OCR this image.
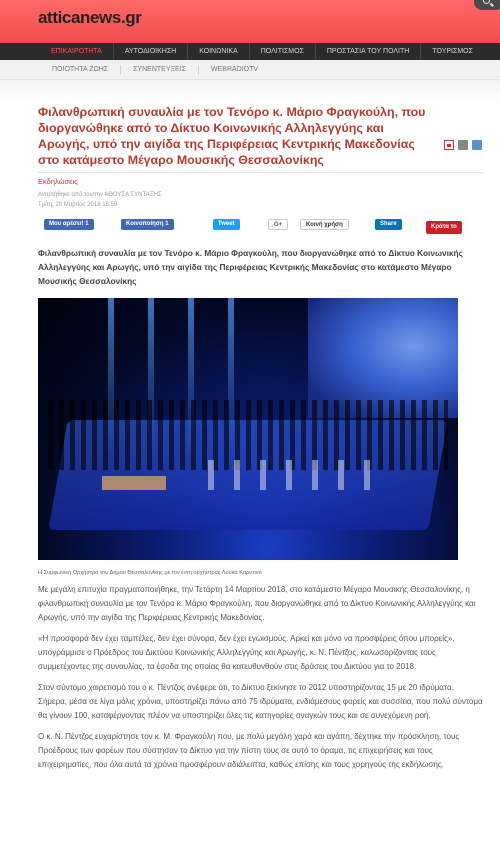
atticanews.gr
ΕΠΙΚΑΙΡΟΤΗΤΑ	ΑΥΤΟΔΙΟΙΚΗΣΗ	ΚΟΙΝΩΝΙΚΑ	ΠΟΛΙΤΙΣΜΟΣ	ΠΡΟΣΤΑΣΙΑ ΤΟΥ ΠΟΛΙΤΗ	ΤΟΥΡΙΣΜΟΣ
ΠΟΙΟΤΗΤΑ ΖΩΗΣ	ΣΥΝΕΝΤΕΥΞΕΙΣ	WEBRADIOTV
Φιλανθρωπική συναυλία με τον Τενόρο κ. Μάριο Φραγκούλη, που διοργανώθηκε από το Δίκτυο Κοινωνικής Αλληλεγγύης και Αρωγής, υπό την αιγίδα της Περιφέρειας Κεντρικής Μακεδονίας στο κατάμεστο Μέγαρο Μουσικής Θεσσαλονίκης
Εκδηλώσεις
Αναρτήθηκε από τον/την ΑΘΟΥΣΑ ΣΥΝΤΑΞΗΣ
Τρίτη, 20 Μαρτίος 2018 18:59
Μου αρέσει! 1	Κοινοποίηση 1	Tweet	G+	Κοινή χρήση	Share	Κράτα το

Φιλανθρωπική συναυλία με τον Τενόρο κ. Μάριο Φραγκούλη, που διοργανώθηκε από το Δίκτυο Κοινωνικής Αλληλεγγύης και Αρωγής, υπό την αιγίδα της Περιφέρειας Κεντρικής Μακεδονίας στο κατάμεστο Μέγαρο Μουσικής Θεσσαλονίκης

Η Συμφωνική Ορχήστρα του Δήμου Θεσσαλονίκης με τον έντη ορχήστρας Λουκά Καρυτινό

Με μεγάλη επιτυχία πραγματοποιήθηκε, την Τετάρτη 14 Μαρτίου 2018, στο κατάμεστο Μέγαρο Μουσικής Θεσσαλονίκης, η φιλανθρωπική συναυλία με τον Τενόρο κ. Μάριο Φραγκούλη, που διοργανώθηκε από το Δίκτυο Κοινωνικής Αλληλεγγύης και Αρωγής, υπό την αιγίδα της Περιφέρειας Κεντρικής Μακεδονίας.

«Η προσφορά δεν έχει ταμπέλες, δεν έχει σύνορα, δεν έχει εγωισμούς. Αρκεί και μόνο να προσφέρεις όπου μπορείς», υπογράμμισε ο Πρόεδρος του Δικτύου Κοινωνικής Αλληλεγγύης και Αρωγής, κ. Ν. Πέντζος, καλωσορίζοντας τους συμμετέχοντες της συναυλίας, τα έσοδα της οποίας θα κατευθυνθούν στις δράσεις του Δικτύου για το 2018.

Στον σύντομο χαιρετισμό του ο κ. Πέντζος ανέφερε ότι, το Δίκτυο ξεκίνησε το 2012 υποστηρίζοντας 15 με 20 ιδρύματα. Σήμερα, μέσα σε λίγα μόλις χρόνια, υποστηρίζει πάνω από 75 ιδρύματα, ενδιάμεσους φορείς και συσσίτια, που πολύ σύντομα θα γίνουν 100, καταφέρνοντας πλέον να υποστηρίζει όλες τις κατηγορίες αναγκών τους και σε συνεχόμενη ροή.

Ο κ. Ν. Πέντζος ευχαρίστησε τον κ. Μ. Φραγκούλη που, με πολύ μεγάλη χαρά και αγάπη, δέχτηκε την πρόσκληση, τους Προέδρους των φορέων που σύστησαν το Δίκτυο για την πίστη τους σε αυτό το όραμα, τις επιχειρήσεις και τους επιχειρηματίες, που όλα αυτά τα χρόνια προσφέρουν αδιάλειπτα, καθώς επίσης και τους χορηγούς της εκδήλωσης.
